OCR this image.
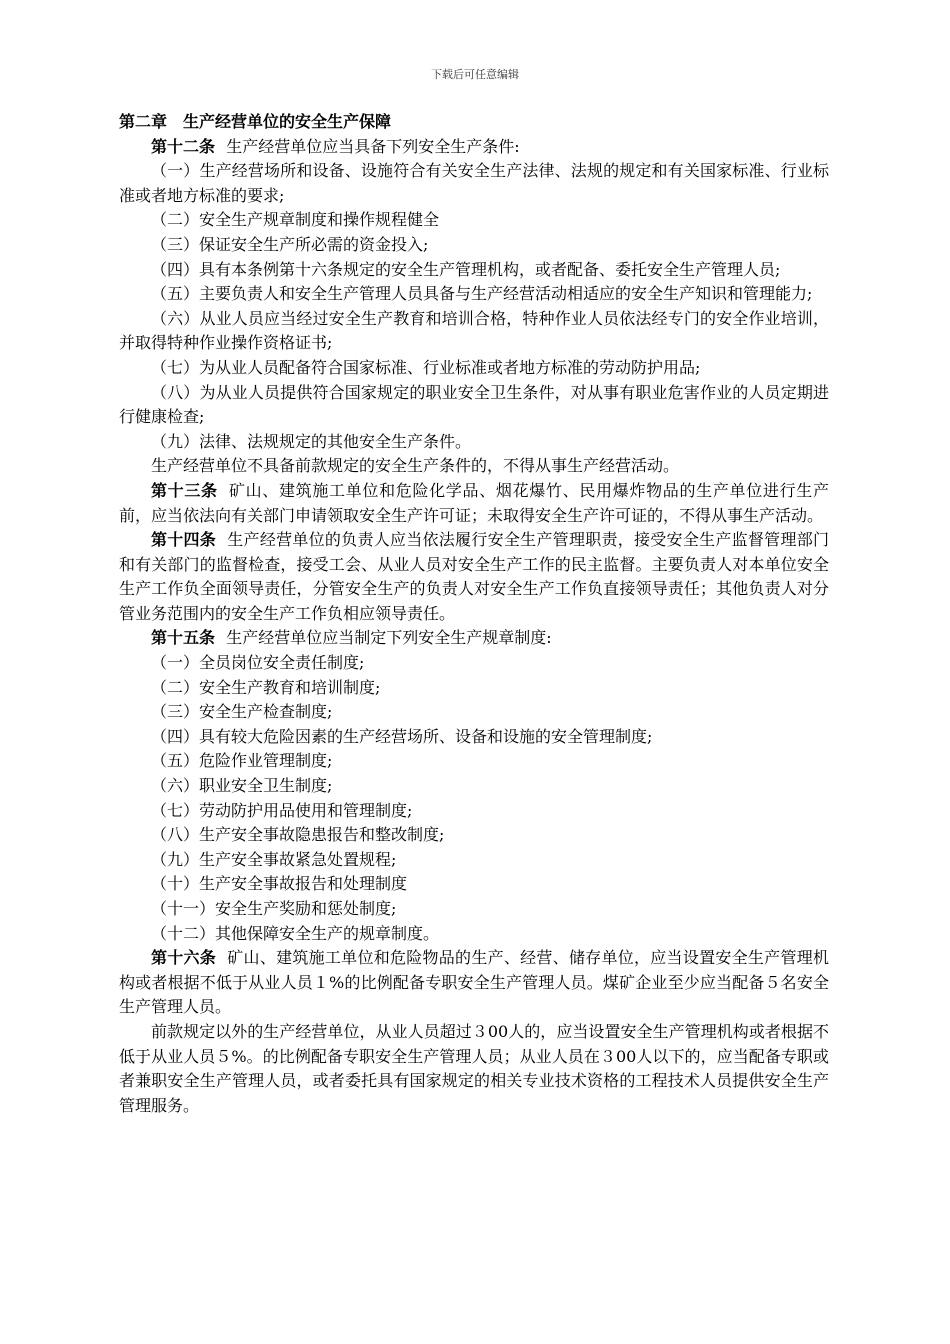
下载后可任意编辑

第二章　生产经营单位的安全生产保障

第十二条 生产经营单位应当具备下列安全生产条件:

（一）生产经营场所和设备、设施符合有关安全生产法律、法规的规定和有关国家标准、行业标准或者地方标准的要求;

（二）安全生产规章制度和操作规程健全

（三）保证安全生产所必需的资金投入;

（四）具有本条例第十六条规定的安全生产管理机构，或者配备、委托安全生产管理人员;

（五）主要负责人和安全生产管理人员具备与生产经营活动相适应的安全生产知识和管理能力;

（六）从业人员应当经过安全生产教育和培训合格，特种作业人员依法经专门的安全作业培训，并取得特种作业操作资格证书;

（七）为从业人员配备符合国家标准、行业标准或者地方标准的劳动防护用品;

（八）为从业人员提供符合国家规定的职业安全卫生条件，对从事有职业危害作业的人员定期进行健康检查;

（九）法律、法规规定的其他安全生产条件。

生产经营单位不具备前款规定的安全生产条件的，不得从事生产经营活动。

第十三条 矿山、建筑施工单位和危险化学品、烟花爆竹、民用爆炸物品的生产单位进行生产前，应当依法向有关部门申请领取安全生产许可证；未取得安全生产许可证的，不得从事生产活动。

第十四条 生产经营单位的负责人应当依法履行安全生产管理职责，接受安全生产监督管理部门和有关部门的监督检查，接受工会、从业人员对安全生产工作的民主监督。主要负责人对本单位安全生产工作负全面领导责任，分管安全生产的负责人对安全生产工作负直接领导责任；其他负责人对分管业务范围内的安全生产工作负相应领导责任。

第十五条 生产经营单位应当制定下列安全生产规章制度:

（一）全员岗位安全责任制度;

（二）安全生产教育和培训制度;

（三）安全生产检查制度;

（四）具有较大危险因素的生产经营场所、设备和设施的安全管理制度;

（五）危险作业管理制度;

（六）职业安全卫生制度;

（七）劳动防护用品使用和管理制度;

（八）生产安全事故隐患报告和整改制度;

（九）生产安全事故紧急处置规程;

（十）生产安全事故报告和处理制度

（十一）安全生产奖励和惩处制度;

（十二）其他保障安全生产的规章制度。

第十六条 矿山、建筑施工单位和危险物品的生产、经营、储存单位，应当设置安全生产管理机构或者根据不低于从业人员１%的比例配备专职安全生产管理人员。煤矿企业至少应当配备５名安全生产管理人员。

前款规定以外的生产经营单位，从业人员超过３00人的，应当设置安全生产管理机构或者根据不低于从业人员５%。的比例配备专职安全生产管理人员；从业人员在３00人以下的，应当配备专职或者兼职安全生产管理人员，或者委托具有国家规定的相关专业技术资格的工程技术人员提供安全生产管理服务。
